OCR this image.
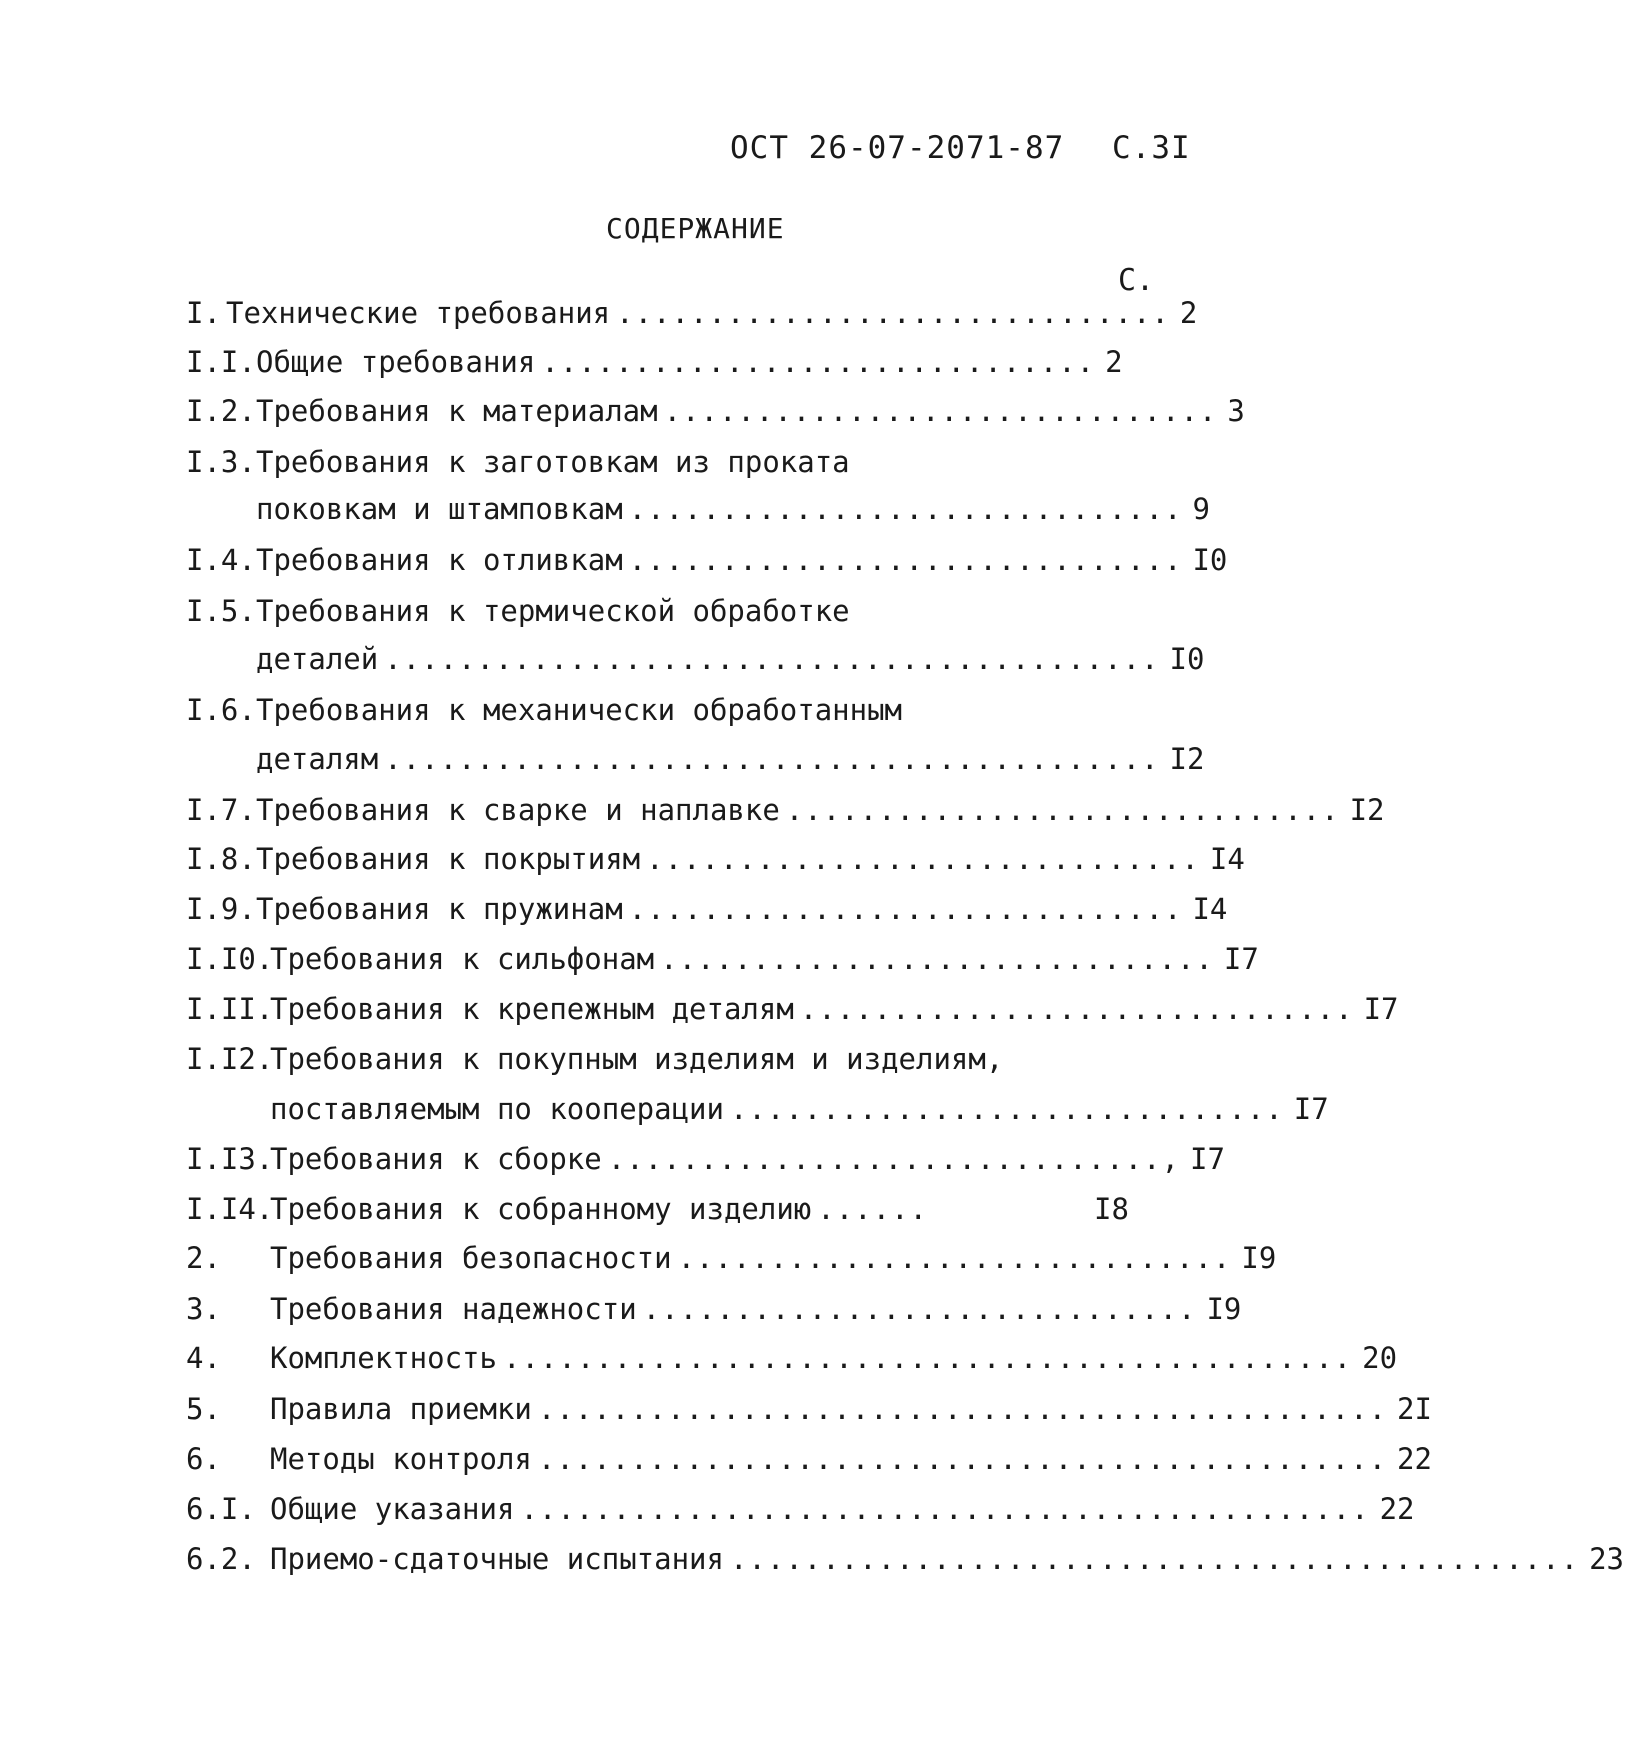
ОСТ 26-07-2071-87 С.3I
СОДЕРЖАНИЕ
С.
I. Технические требования .............................. 2
I.I. Общие требования .............................. 2
I.2. Требования к материалам .............................. 3
I.3. Требования к заготовкам из проката
поковкам и штамповкам .............................. 9
I.4. Требования к отливкам .............................. I0
I.5. Требования к термической обработке
деталей .......................................... I0
I.6. Требования к механически обработанным
деталям .......................................... I2
I.7. Требования к сварке и наплавке .............................. I2
I.8. Требования к покрытиям .............................. I4
I.9. Требования к пружинам .............................. I4
I.I0.
Требования к сильфонам .............................. I7
I.II.
Требования к крепежным деталям .............................. I7
I.I2.
Требования к покупным изделиям и изделиям,
поставляемым по кооперации .............................. I7
I.I3.
Требования к сборке .............................., I7
I.I4.
Требования к собранному изделию ......	I8
2. Требования безопасности .............................. I9
3. Требования надежности .............................. I9
4. Комплектность .............................................. 20
5. Правила приемки .............................................. 2I
6. Методы контроля .............................................. 22
6.I. Общие указания .............................................. 22
6.2. Приемо-сдаточные испытания .............................................. 23
